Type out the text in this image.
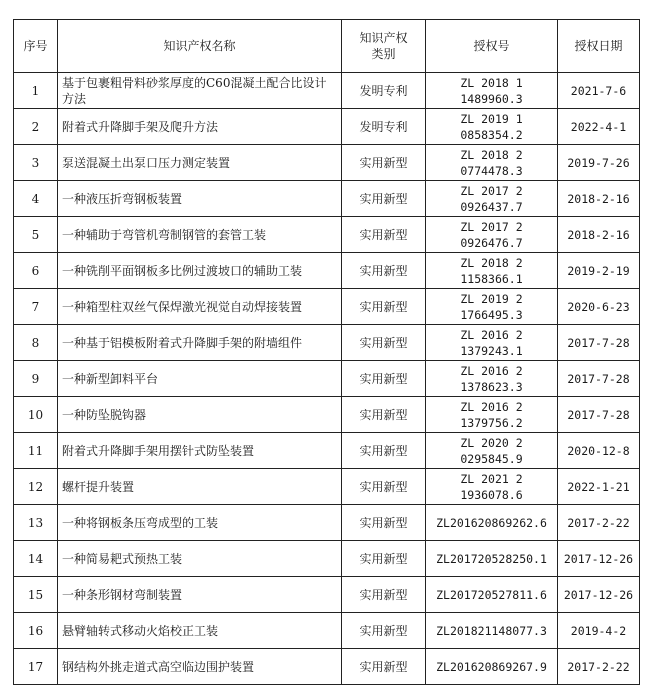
序号	知识产权名称	知识产权类别	授权号	授权日期
1	基于包裹粗骨料砂浆厚度的C60混凝土配合比设计方法	发明专利	ZL 2018 1 1489960.3	2021-7-6
2	附着式升降脚手架及爬升方法	发明专利	ZL 2019 1 0858354.2	2022-4-1
3	泵送混凝土出泵口压力测定装置	实用新型	ZL 2018 2 0774478.3	2019-7-26
4	一种液压折弯钢板装置	实用新型	ZL 2017 2 0926437.7	2018-2-16
5	一种辅助于弯管机弯制钢管的套管工装	实用新型	ZL 2017 2 0926476.7	2018-2-16
6	一种铣削平面钢板多比例过渡坡口的辅助工装	实用新型	ZL 2018 2 1158366.1	2019-2-19
7	一种箱型柱双丝气保焊激光视觉自动焊接装置	实用新型	ZL 2019 2 1766495.3	2020-6-23
8	一种基于铝模板附着式升降脚手架的附墙组件	实用新型	ZL 2016 2 1379243.1	2017-7-28
9	一种新型卸料平台	实用新型	ZL 2016 2 1378623.3	2017-7-28
10	一种防坠脱钩器	实用新型	ZL 2016 2 1379756.2	2017-7-28
11	附着式升降脚手架用摆针式防坠装置	实用新型	ZL 2020 2 0295845.9	2020-12-8
12	螺杆提升装置	实用新型	ZL 2021 2 1936078.6	2022-1-21
13	一种将钢板条压弯成型的工装	实用新型	ZL201620869262.6	2017-2-22
14	一种简易耙式预热工装	实用新型	ZL201720528250.1	2017-12-26
15	一种条形钢材弯制装置	实用新型	ZL201720527811.6	2017-12-26
16	悬臂轴转式移动火焰校正工装	实用新型	ZL201821148077.3	2019-4-2
17	钢结构外挑走道式高空临边围护装置	实用新型	ZL201620869267.9	2017-2-22
